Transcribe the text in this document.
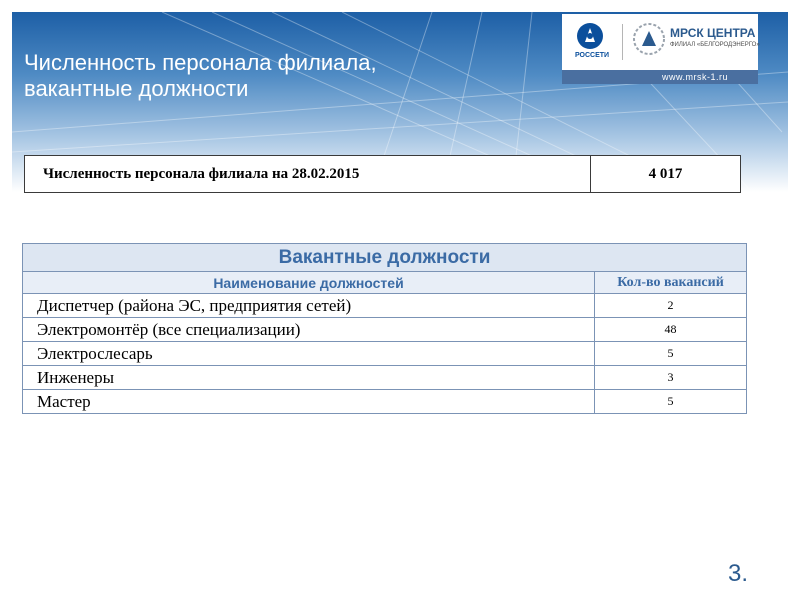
Численность персонала филиала,
вакантные должности
РОССЕТИ
МРСК ЦЕНТРА
ФИЛИАЛ «БЕЛГОРОДЭНЕРГО»
www.mrsk-1.ru
Численность персонала филиала на 28.02.2015	4 017
Вакантные должности	
Наименование должностей	Кол-во вакансий
Диспетчер (района ЭС, предприятия сетей)	2
Электромонтёр (все специализации)	48
Электрослесарь	5
Инженеры	3
Мастер	5
3.
